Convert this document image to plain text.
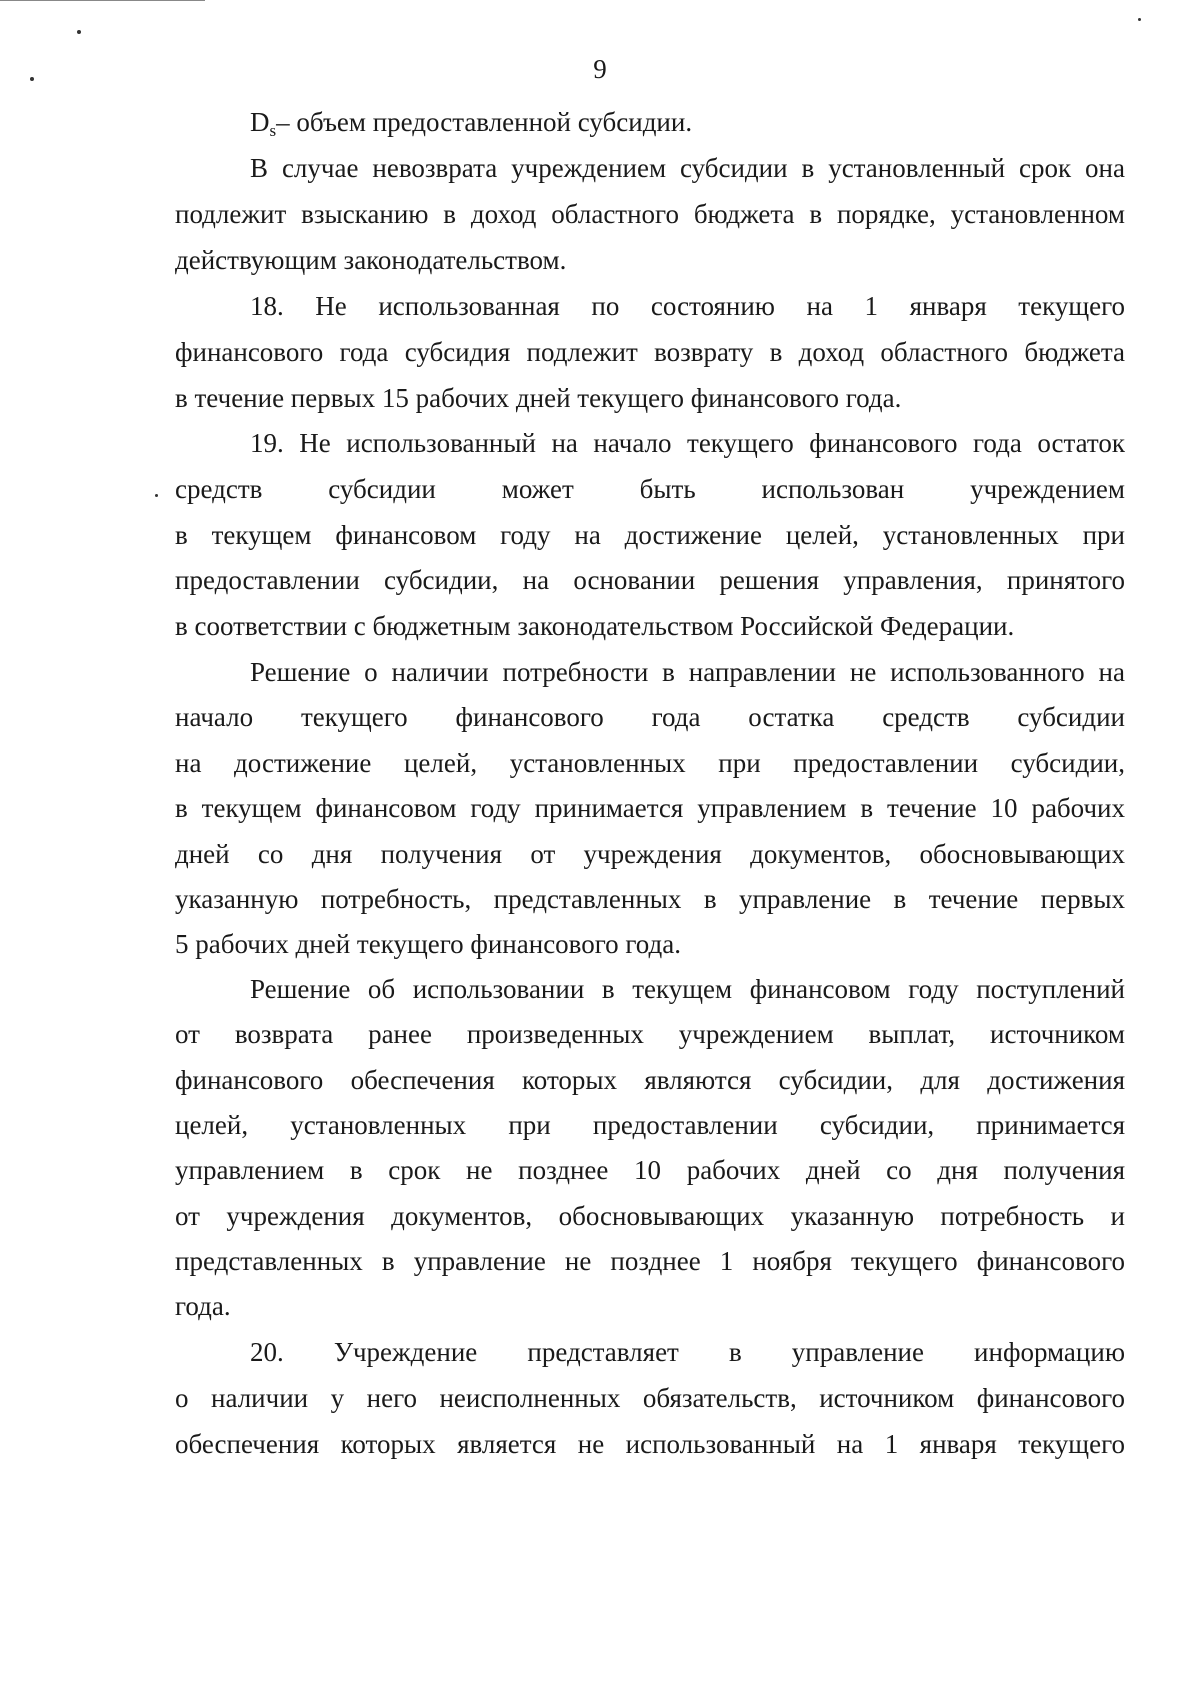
9
$D_s-$ объем предоставленной субсидии.
В случае невозврата учреждением субсидии в установленный срок она
подлежит взысканию в доход областного бюджета в порядке, установленном
действующим законодательством.
18. Не использованная по состоянию на 1 января текущего
финансового года субсидия подлежит возврату в доход областного бюджета
в течение первых 15 рабочих дней текущего финансового года.
19. Не использованный на начало текущего финансового года остаток
средств субсидии может быть использован учреждением
в текущем финансовом году на достижение целей, установленных при
предоставлении субсидии, на основании решения управления, принятого
в соответствии с бюджетным законодательством Российской Федерации.
Решение о наличии потребности в направлении не использованного на
начало текущего финансового года остатка средств субсидии
на достижение целей, установленных при предоставлении субсидии,
в текущем финансовом году принимается управлением в течение 10 рабочих
дней со дня получения от учреждения документов, обосновывающих
указанную потребность, представленных в управление в течение первых
5 рабочих дней текущего финансового года.
Решение об использовании в текущем финансовом году поступлений
от возврата ранее произведенных учреждением выплат, источником
финансового обеспечения которых являются субсидии, для достижения
целей, установленных при предоставлении субсидии, принимается
управлением в срок не позднее 10 рабочих дней со дня получения
от учреждения документов, обосновывающих указанную потребность и
представленных в управление не позднее 1 ноября текущего финансового
года.
20. Учреждение представляет в управление информацию
о наличии у него неисполненных обязательств, источником финансового
обеспечения которых является не использованный на 1 января текущего
